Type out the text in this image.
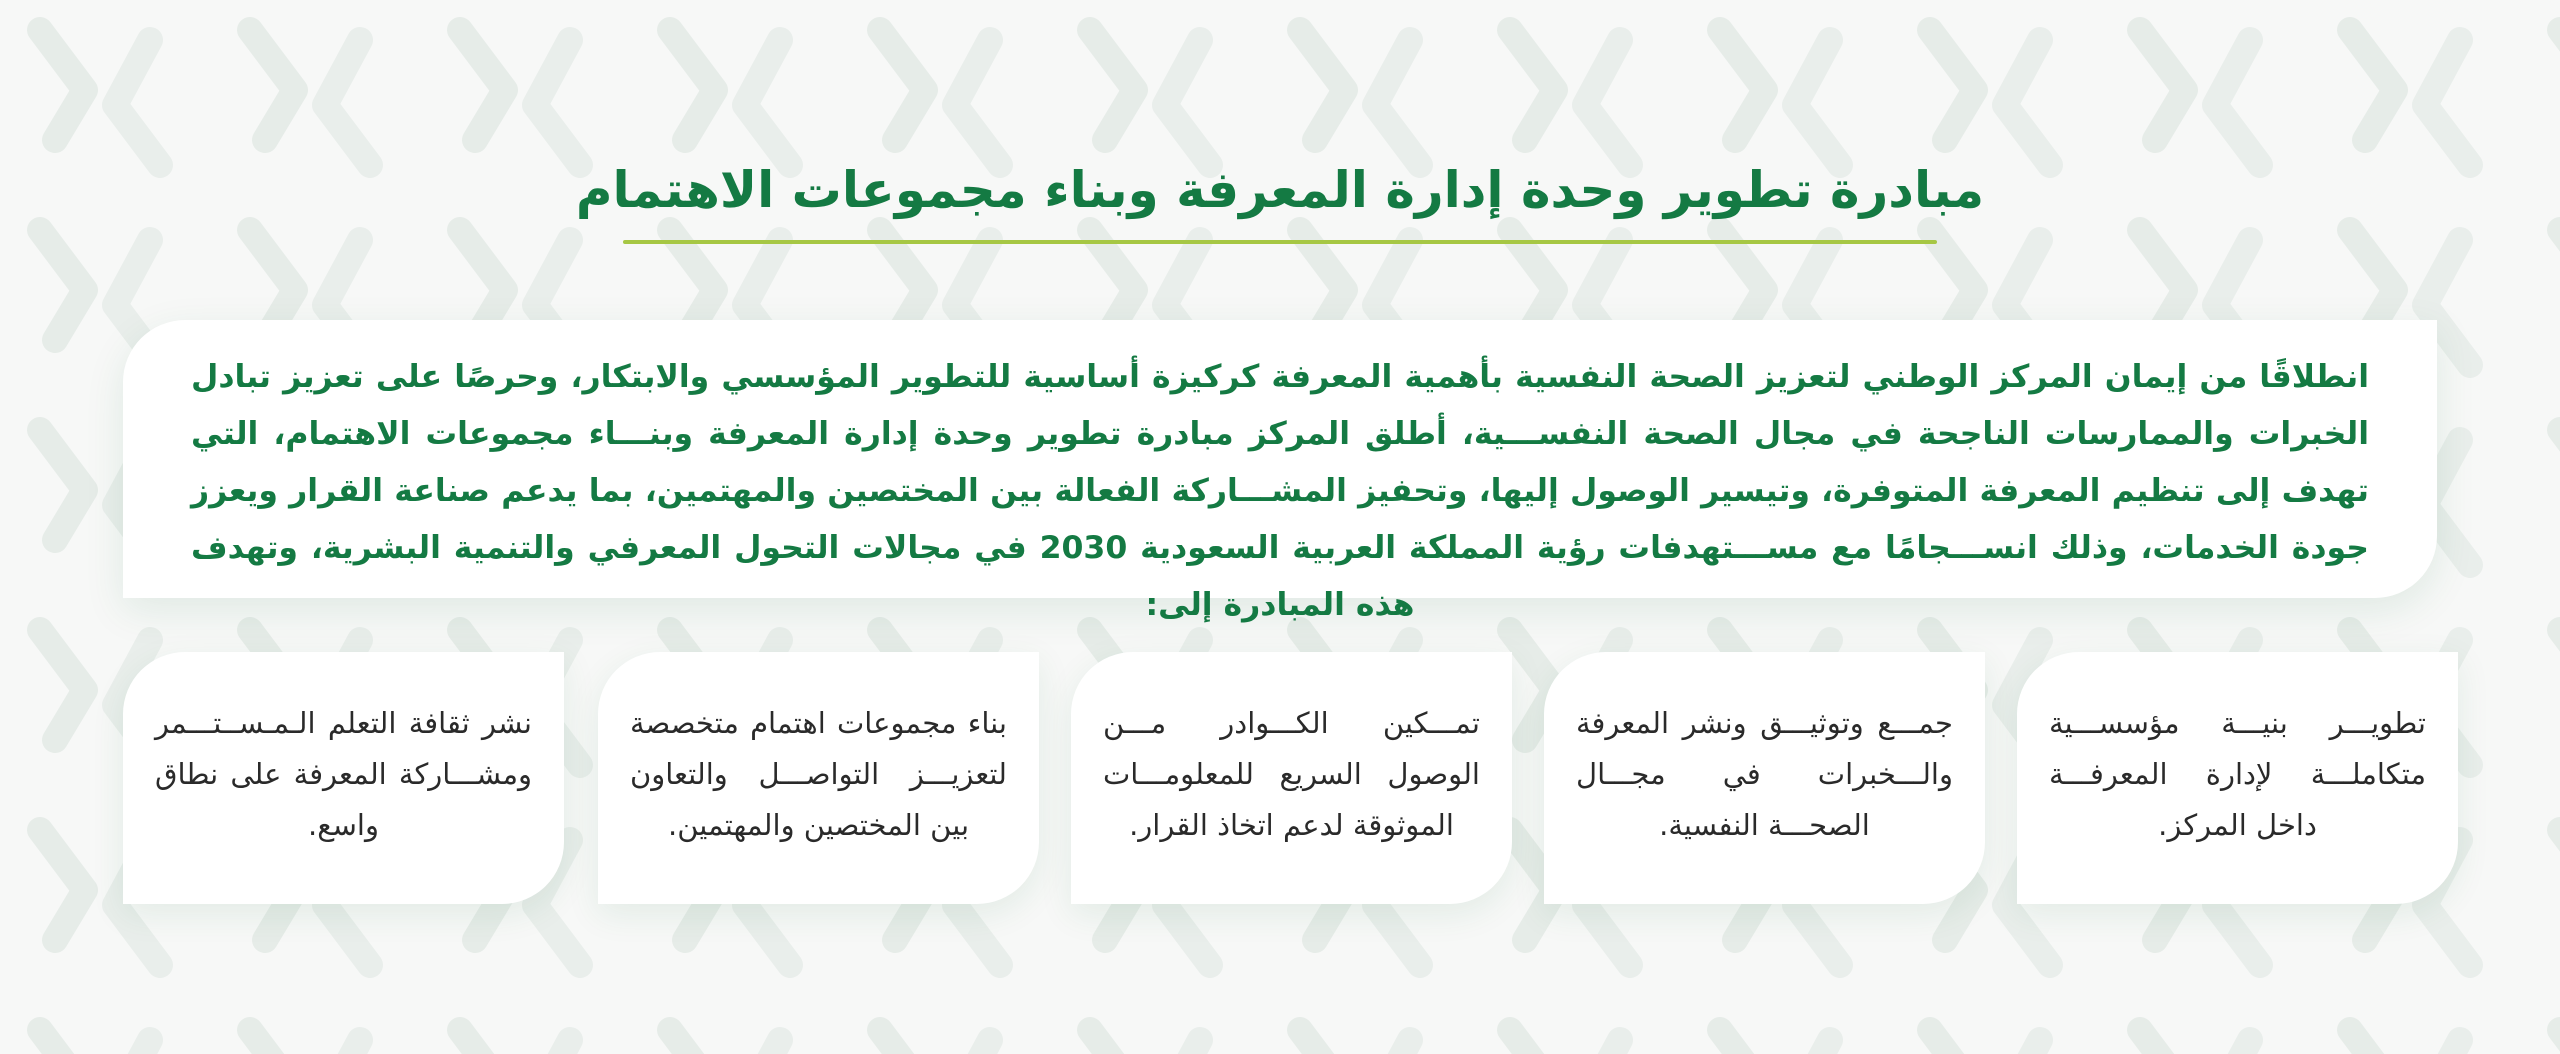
مبادرة تطوير وحدة إدارة المعرفة وبناء مجموعات الاهتمام

انطلاقًا من إيمان المركز الوطني لتعزيز الصحة النفسية بأهمية المعرفة كركيزة أساسية للتطوير المؤسسي والابتكار، وحرصًا على تعزيز تبادل الخبرات والممارسات الناجحة في مجال الصحة النفســـية، أطلق المركز مبادرة تطوير وحدة إدارة المعرفة وبنـــاء مجموعات الاهتمام، التي تهدف إلى تنظيم المعرفة المتوفرة، وتيسير الوصول إليها، وتحفيز المشـــاركة الفعالة بين المختصين والمهتمين، بما يدعم صناعة القرار ويعزز جودة الخدمات، وذلك انســـجامًا مع مســـتهدفات رؤية المملكة العربية السعودية 2030 في مجالات التحول المعرفي والتنمية البشرية، وتهدف هذه المبادرة إلى:

تطويـــر بنيـــة مؤسســـية متكاملـــة لإدارة المعرفـــة داخل المركز.

جمـــع وتوثيـــق ونشر المعرفة والـــخبرات في مجـــال الصحـــة النفسية.

تمـــكين الكـــوادر مـــن الوصول السريع للمعلومـــات الموثوقة لدعم اتخاذ القرار.

بناء مجموعات اهتمام متخصصة لتعزيـــز التواصـــل والتعاون بين المختصين والمهتمين.

نشر ثقافة التعلم الـمـســتـــمر ومشـــاركة المعرفة على نطاق واسع.
